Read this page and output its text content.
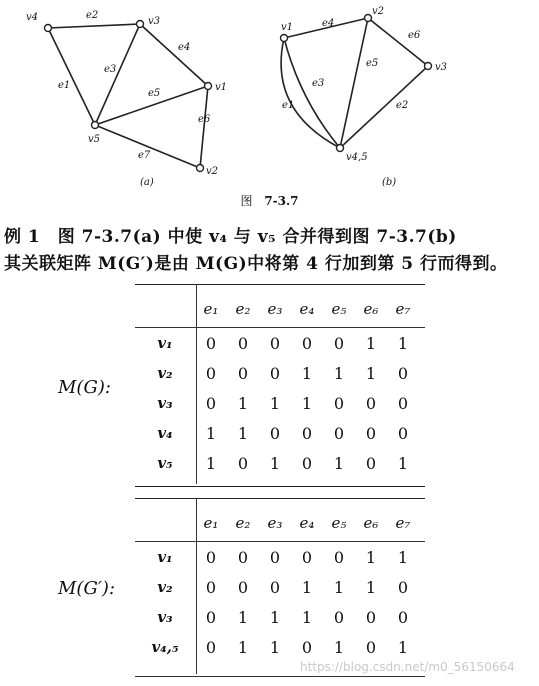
v4	v3
v1
v5
v2
e2
e3
e4
e1
e5
e6
e7
(a)
v1
v2
v3
v4,5
e4
e6
e5
e3
e1	e2
(b)
图 7-3.7
例 1　图 7-3.7(a) 中使 v₄ 与 v₅ 合并得到图 7-3.7(b)
其关联矩阵 M(G′)是由 M(G)中将第 4 行加到第 5 行而得到。
M(G):
	e₁	e₂	e₃	e₄	e₅	e₆	e₇
v₁	0	0	0	0	0	1	1
v₂	0	0	0	1	1	1	0
v₃	0	1	1	1	0	0	0
v₄	1	1	0	0	0	0	0
v₅	1	0	1	0	1	0	1
M(G′):
	e₁	e₂	e₃	e₄	e₅	e₆	e₇
v₁	0	0	0	0	0	1	1
v₂	0	0	0	1	1	1	0
v₃	0	1	1	1	0	0	0
v₄,₅	0	1	1	0	1	0	1
https://blog.csdn.net/m0_56150664
